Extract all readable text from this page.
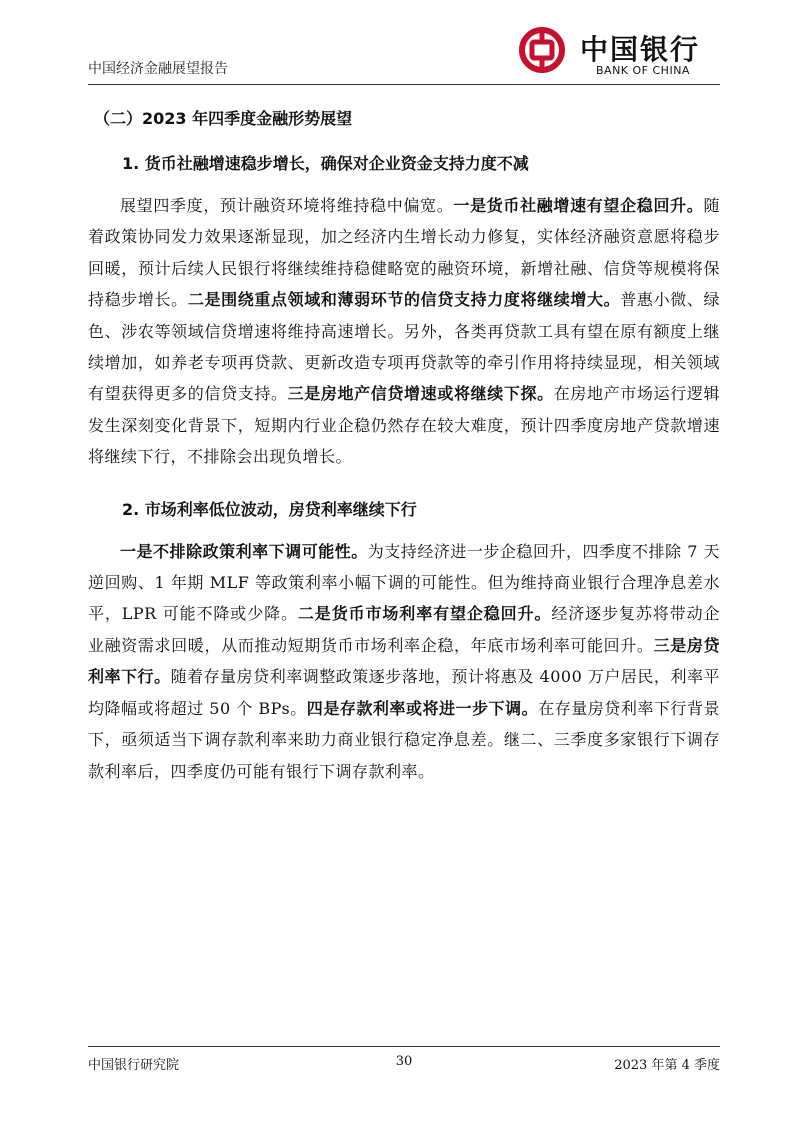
中国经济金融展望报告
中国银行
BANK OF CHINA
（二）2023 年四季度金融形势展望
1. 货币社融增速稳步增长，确保对企业资金支持力度不减

展望四季度，预计融资环境将维持稳中偏宽。一是货币社融增速有望企稳回升。随着政策协同发力效果逐渐显现，加之经济内生增长动力修复，实体经济融资意愿将稳步回暖，预计后续人民银行将继续维持稳健略宽的融资环境，新增社融、信贷等规模将保持稳步增长。二是围绕重点领域和薄弱环节的信贷支持力度将继续增大。普惠小微、绿色、涉农等领域信贷增速将维持高速增长。另外，各类再贷款工具有望在原有额度上继续增加，如养老专项再贷款、更新改造专项再贷款等的牵引作用将持续显现，相关领域有望获得更多的信贷支持。三是房地产信贷增速或将继续下探。在房地产市场运行逻辑发生深刻变化背景下，短期内行业企稳仍然存在较大难度，预计四季度房地产贷款增速将继续下行，不排除会出现负增长。

2. 市场利率低位波动，房贷利率继续下行

一是不排除政策利率下调可能性。为支持经济进一步企稳回升，四季度不排除 7 天逆回购、1 年期 MLF 等政策利率小幅下调的可能性。但为维持商业银行合理净息差水平，LPR 可能不降或少降。二是货币市场利率有望企稳回升。经济逐步复苏将带动企业融资需求回暖，从而推动短期货币市场利率企稳，年底市场利率可能回升。三是房贷利率下行。随着存量房贷利率调整政策逐步落地，预计将惠及 4000 万户居民，利率平均降幅或将超过 50 个 BPs。四是存款利率或将进一步下调。在存量房贷利率下行背景下，亟须适当下调存款利率来助力商业银行稳定净息差。继二、三季度多家银行下调存款利率后，四季度仍可能有银行下调存款利率。

中国银行研究院	30	2023 年第 4 季度
